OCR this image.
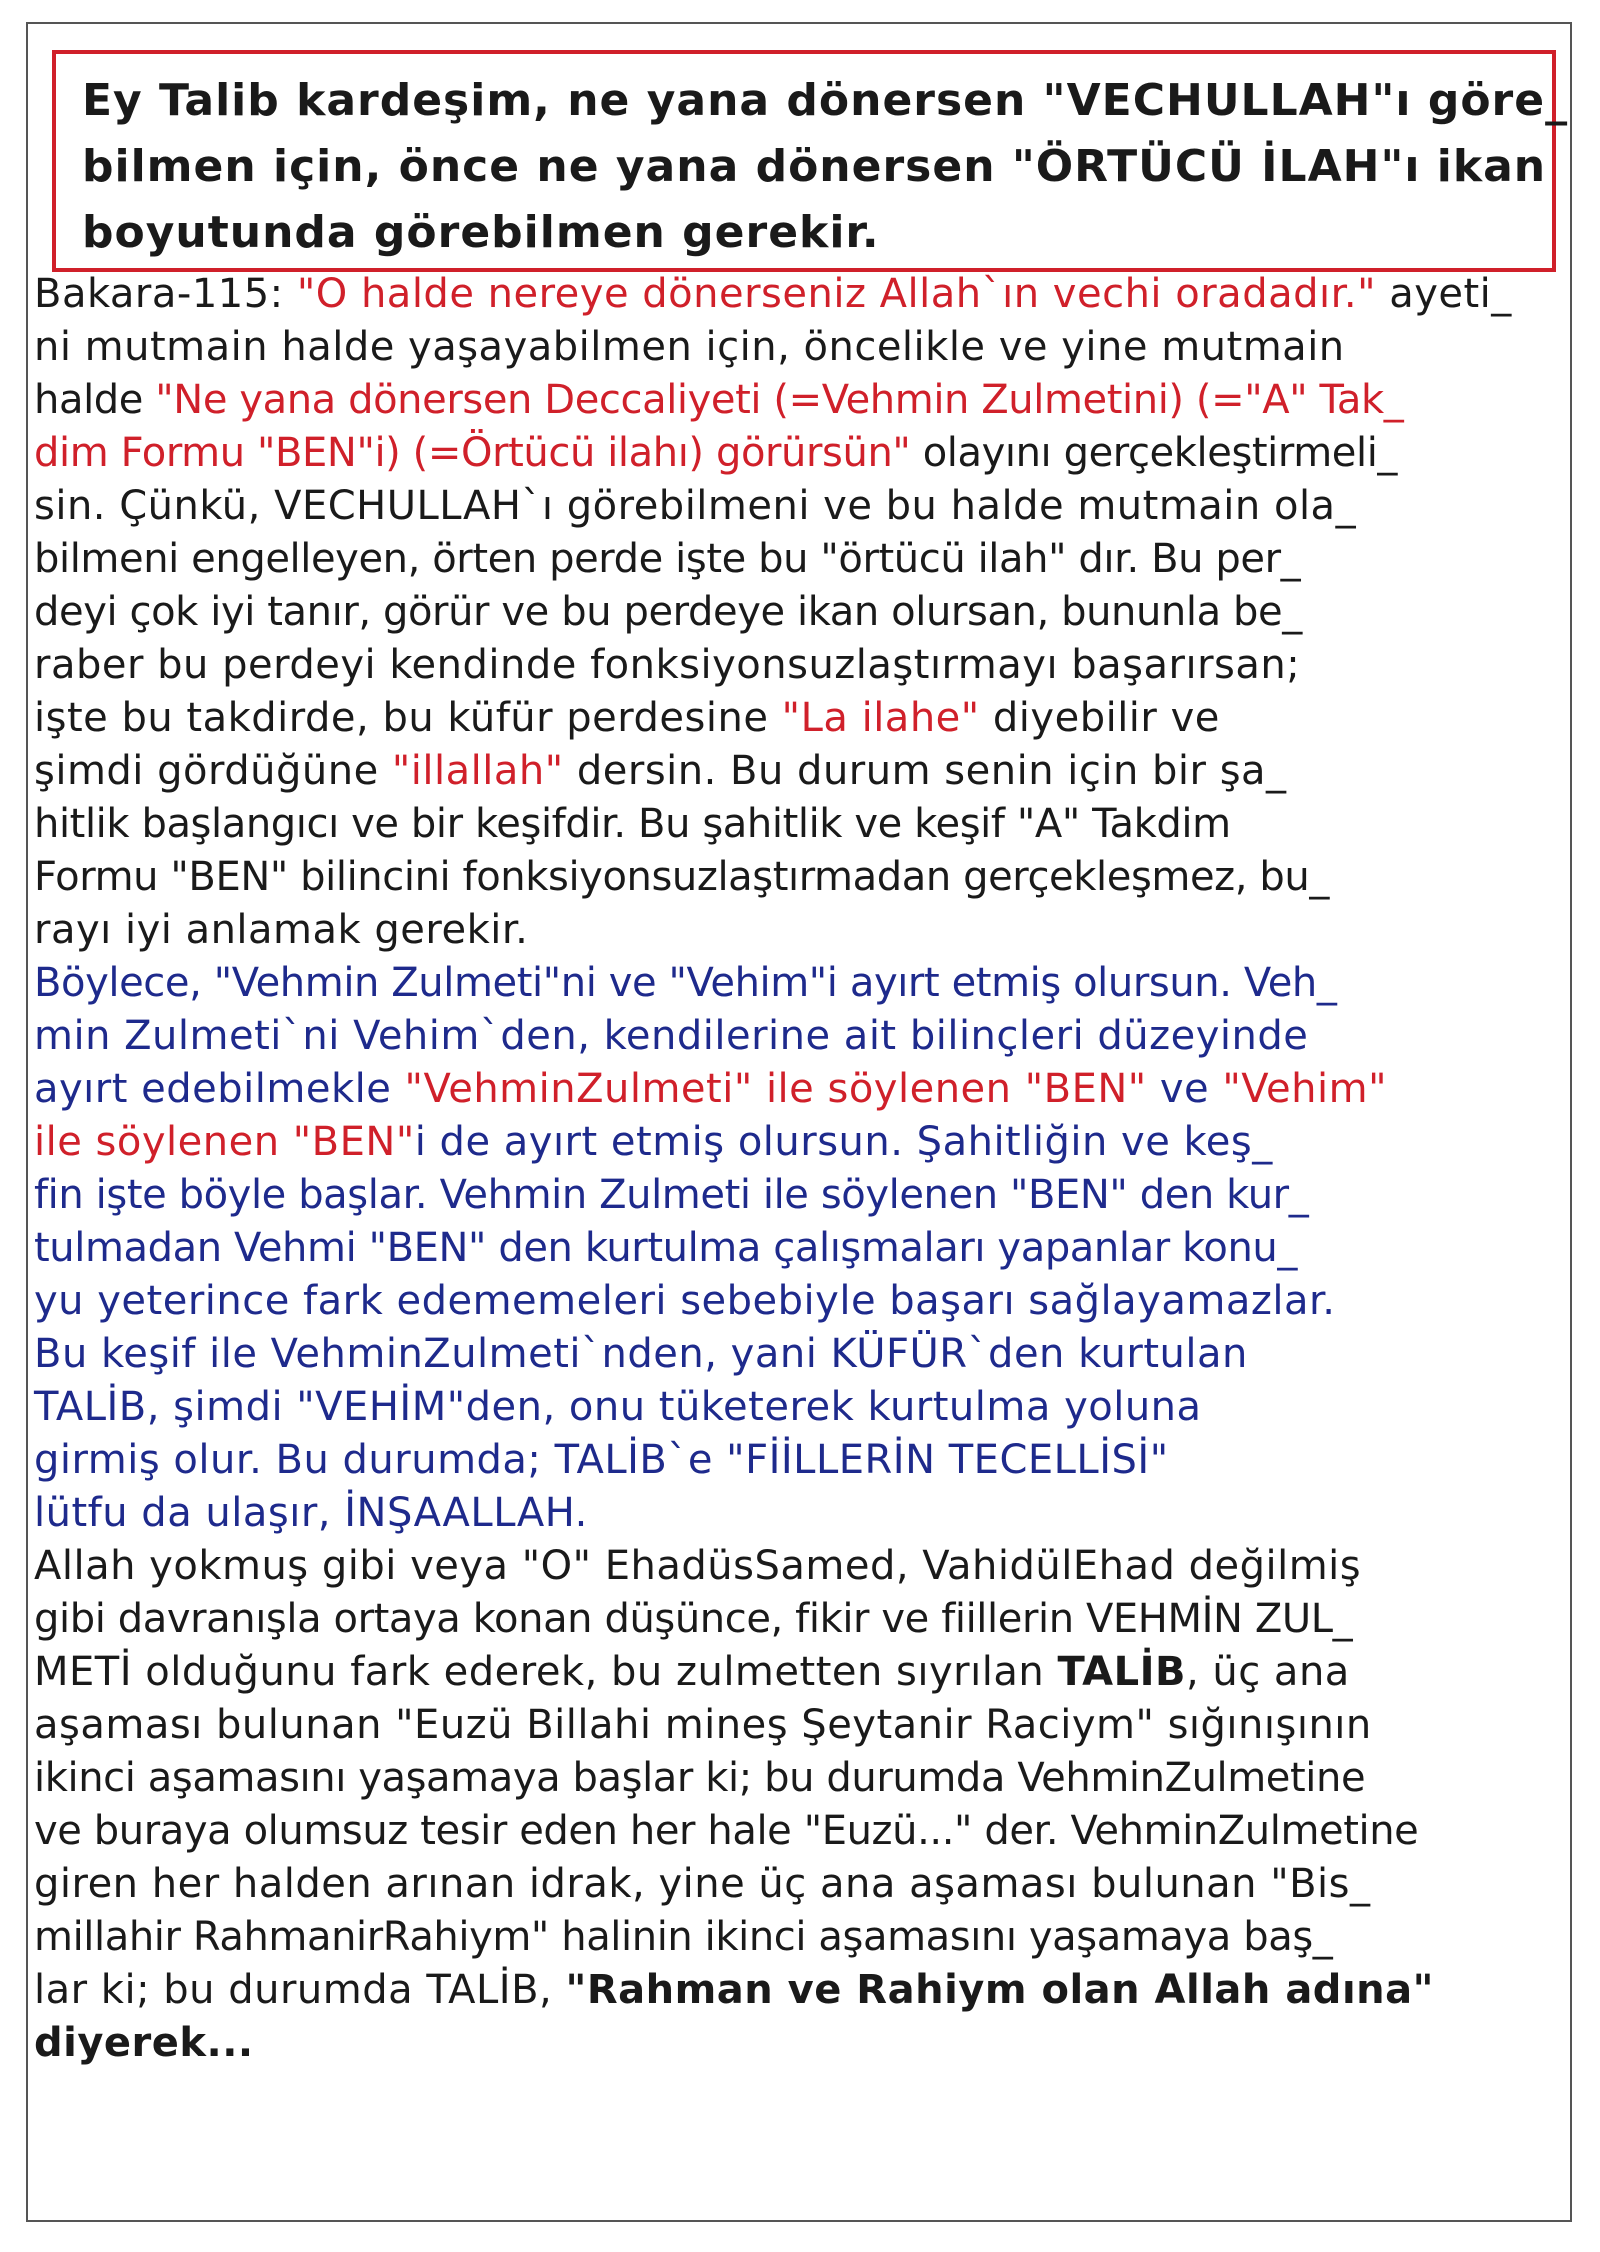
Ey Talib kardeşim, ne yana dönersen "VECHULLAH"ı göre_
bilmen için, önce ne yana dönersen "ÖRTÜCÜ İLAH"ı ikan
boyutunda görebilmen gerekir.
Bakara-115: "O halde nereye dönerseniz Allah`ın vechi oradadır." ayeti_
ni mutmain halde yaşayabilmen için, öncelikle ve yine mutmain
halde "Ne yana dönersen Deccaliyeti (=Vehmin Zulmetini) (="A" Tak_
dim Formu "BEN"i) (=Örtücü ilahı) görürsün" olayını gerçekleştirmeli_
sin. Çünkü, VECHULLAH`ı görebilmeni ve bu halde mutmain ola_
bilmeni engelleyen, örten perde işte bu "örtücü ilah" dır. Bu per_
deyi çok iyi tanır, görür ve bu perdeye ikan olursan, bununla be_
raber bu perdeyi kendinde fonksiyonsuzlaştırmayı başarırsan;
işte bu takdirde, bu küfür perdesine "La ilahe" diyebilir ve
şimdi gördüğüne "illallah" dersin. Bu durum senin için bir şa_
hitlik başlangıcı ve bir keşifdir. Bu şahitlik ve keşif "A" Takdim
Formu "BEN" bilincini fonksiyonsuzlaştırmadan gerçekleşmez, bu_
rayı iyi anlamak gerekir.
Böylece, "Vehmin Zulmeti"ni ve "Vehim"i ayırt etmiş olursun. Veh_
min Zulmeti`ni Vehim`den, kendilerine ait bilinçleri düzeyinde
ayırt edebilmekle "VehminZulmeti" ile söylenen "BEN" ve "Vehim"
ile söylenen "BEN"i de ayırt etmiş olursun. Şahitliğin ve keş_
fin işte böyle başlar. Vehmin Zulmeti ile söylenen "BEN" den kur_
tulmadan Vehmi "BEN" den kurtulma çalışmaları yapanlar konu_
yu yeterince fark edememeleri sebebiyle başarı sağlayamazlar.
Bu keşif ile VehminZulmeti`nden, yani KÜFÜR`den kurtulan
TALİB, şimdi "VEHİM"den, onu tüketerek kurtulma yoluna
girmiş olur. Bu durumda; TALİB`e "FİİLLERİN TECELLİSİ"
lütfu da ulaşır, İNŞAALLAH.
Allah yokmuş gibi veya "O" EhadüsSamed, VahidülEhad değilmiş
gibi davranışla ortaya konan düşünce, fikir ve fiillerin VEHMİN ZUL_
METİ olduğunu fark ederek, bu zulmetten sıyrılan TALİB, üç ana
aşaması bulunan "Euzü Billahi mineş Şeytanir Raciym" sığınışının
ikinci aşamasını yaşamaya başlar ki; bu durumda VehminZulmetine
ve buraya olumsuz tesir eden her hale "Euzü..." der. VehminZulmetine
giren her halden arınan idrak, yine üç ana aşaması bulunan "Bis_
millahir RahmanirRahiym" halinin ikinci aşamasını yaşamaya baş_
lar ki; bu durumda TALİB, "Rahman ve Rahiym olan Allah adına"
diyerek...
